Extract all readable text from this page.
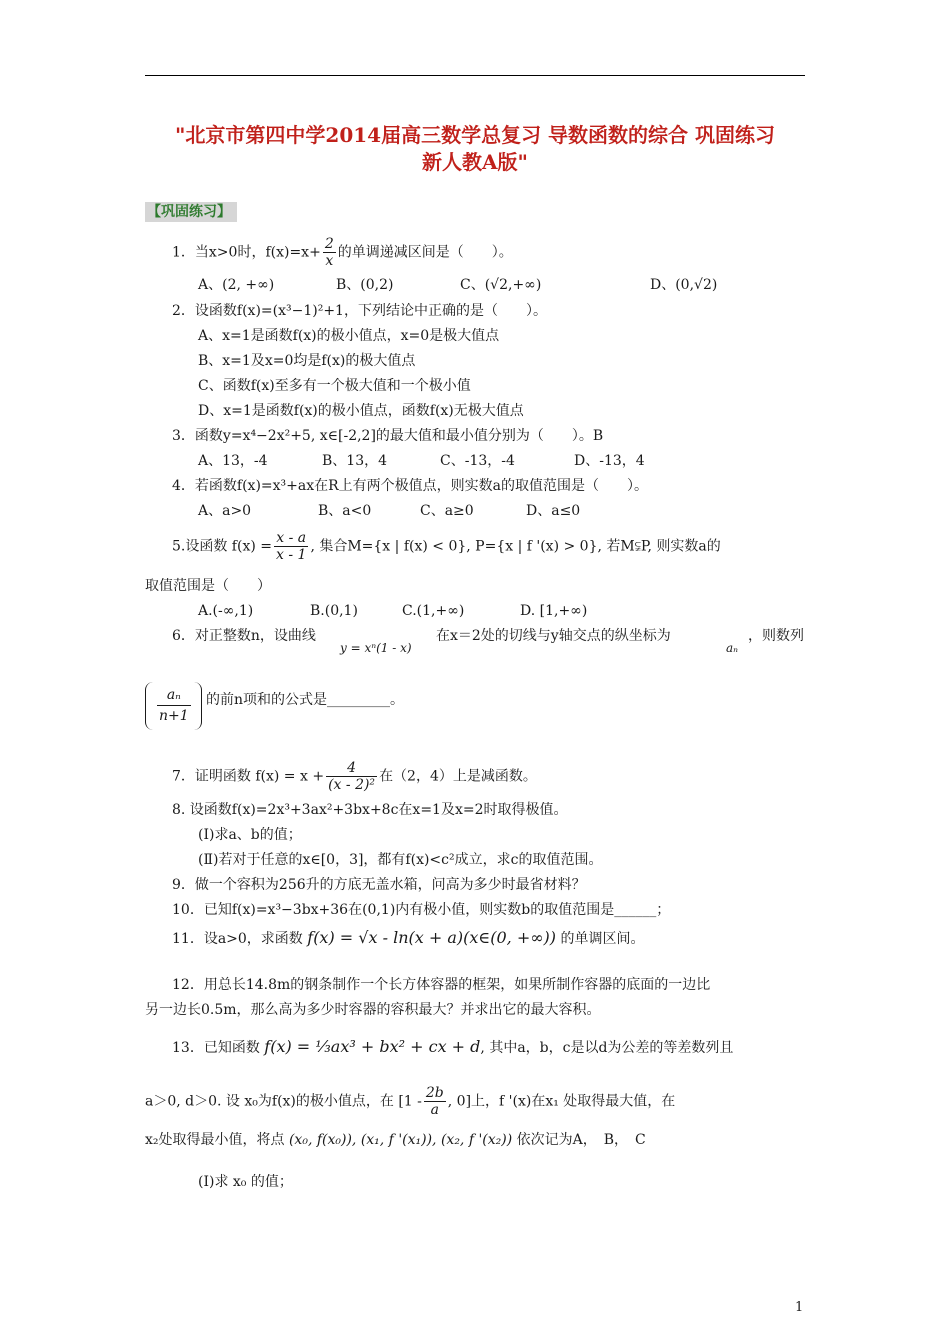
"北京市第四中学2014届高三数学总复习 导数函数的综合 巩固练习
新人教A版"
【巩固练习】
1．当x>0时，$f(x)=x+ \frac{2}{x}$ 的单调递减区间是（　　）。
A、(2, +∞)	B、(0,2)	C、(√2,+∞)	D、(0,√2)
2．设函数f(x)=(x³−1)²+1，下列结论中正确的是（　　）。
A、x=1是函数f(x)的极小值点，x=0是极大值点
B、x=1及x=0均是f(x)的极大值点
C、函数f(x)至多有一个极大值和一个极小值
D、x=1是函数f(x)的极小值点，函数f(x)无极大值点
3．函数y=x⁴−2x²+5, x∈[-2,2]的最大值和最小值分别为（　　）。B
A、13，-4	B、13，4	C、-13，-4	D、-13，4
4．若函数f(x)=x³+ax在R上有两个极值点，则实数a的取值范围是（　　）。
A、a>0	B、a<0	C、a≥0	D、a≤0
5.设函数 $f(x) = \frac{x - a}{x - 1}$ , 集合M={x | f(x) < 0}, P={x | f '(x) > 0}, 若M⫋P, 则实数a的
取值范围是（　　）
A.(-∞,1)	B.(0,1)	C.(1,+∞)	D. [1,+∞)
6．对正整数n，设曲线
y = xⁿ(1 - x)
在x＝2处的切线与y轴交点的纵坐标为
aₙ
，则数列
$\frac{\text{aₙ}}{n+1}$ 的前n项和的公式是_________。
7．证明函数 $f(x) = x + \frac{4}{\text{(x - 2)²}}$ 在（2，4）上是减函数。
8. 设函数f(x)=2x³+3ax²+3bx+8c在x=1及x=2时取得极值。
(Ⅰ)求a、b的值；
(Ⅱ)若对于任意的x∈[0，3]，都有f(x)<c²成立，求c的取值范围。
9．做一个容积为256升的方底无盖水箱，问高为多少时最省材料？
10．已知f(x)=x³−3bx+36在(0,1)内有极小值，则实数b的取值范围是______；
11．设a>0，求函数 f(x) = √x - ln(x + a)(x∈(0, +∞)) 的单调区间。
12．用总长14.8m的钢条制作一个长方体容器的框架，如果所制作容器的底面的一边比
另一边长0.5m，那么高为多少时容器的容积最大？并求出它的最大容积。
13．已知函数 f(x) = ⅓ax³ + bx² + cx + d, 其中a，b，c是以d为公差的等差数列且
a＞0, d＞0. 设 x₀为f(x)的极小值点，在 [$1 - \frac{2b}{a}$ , 0]上，f '(x)在x₁ 处取得最大值，在
x₂处取得最小值，将点 (x₀, f(x₀)), (x₁, f '(x₁)), (x₂, f '(x₂)) 依次记为A，　B，　C
(I)求 x₀ 的值；
1
